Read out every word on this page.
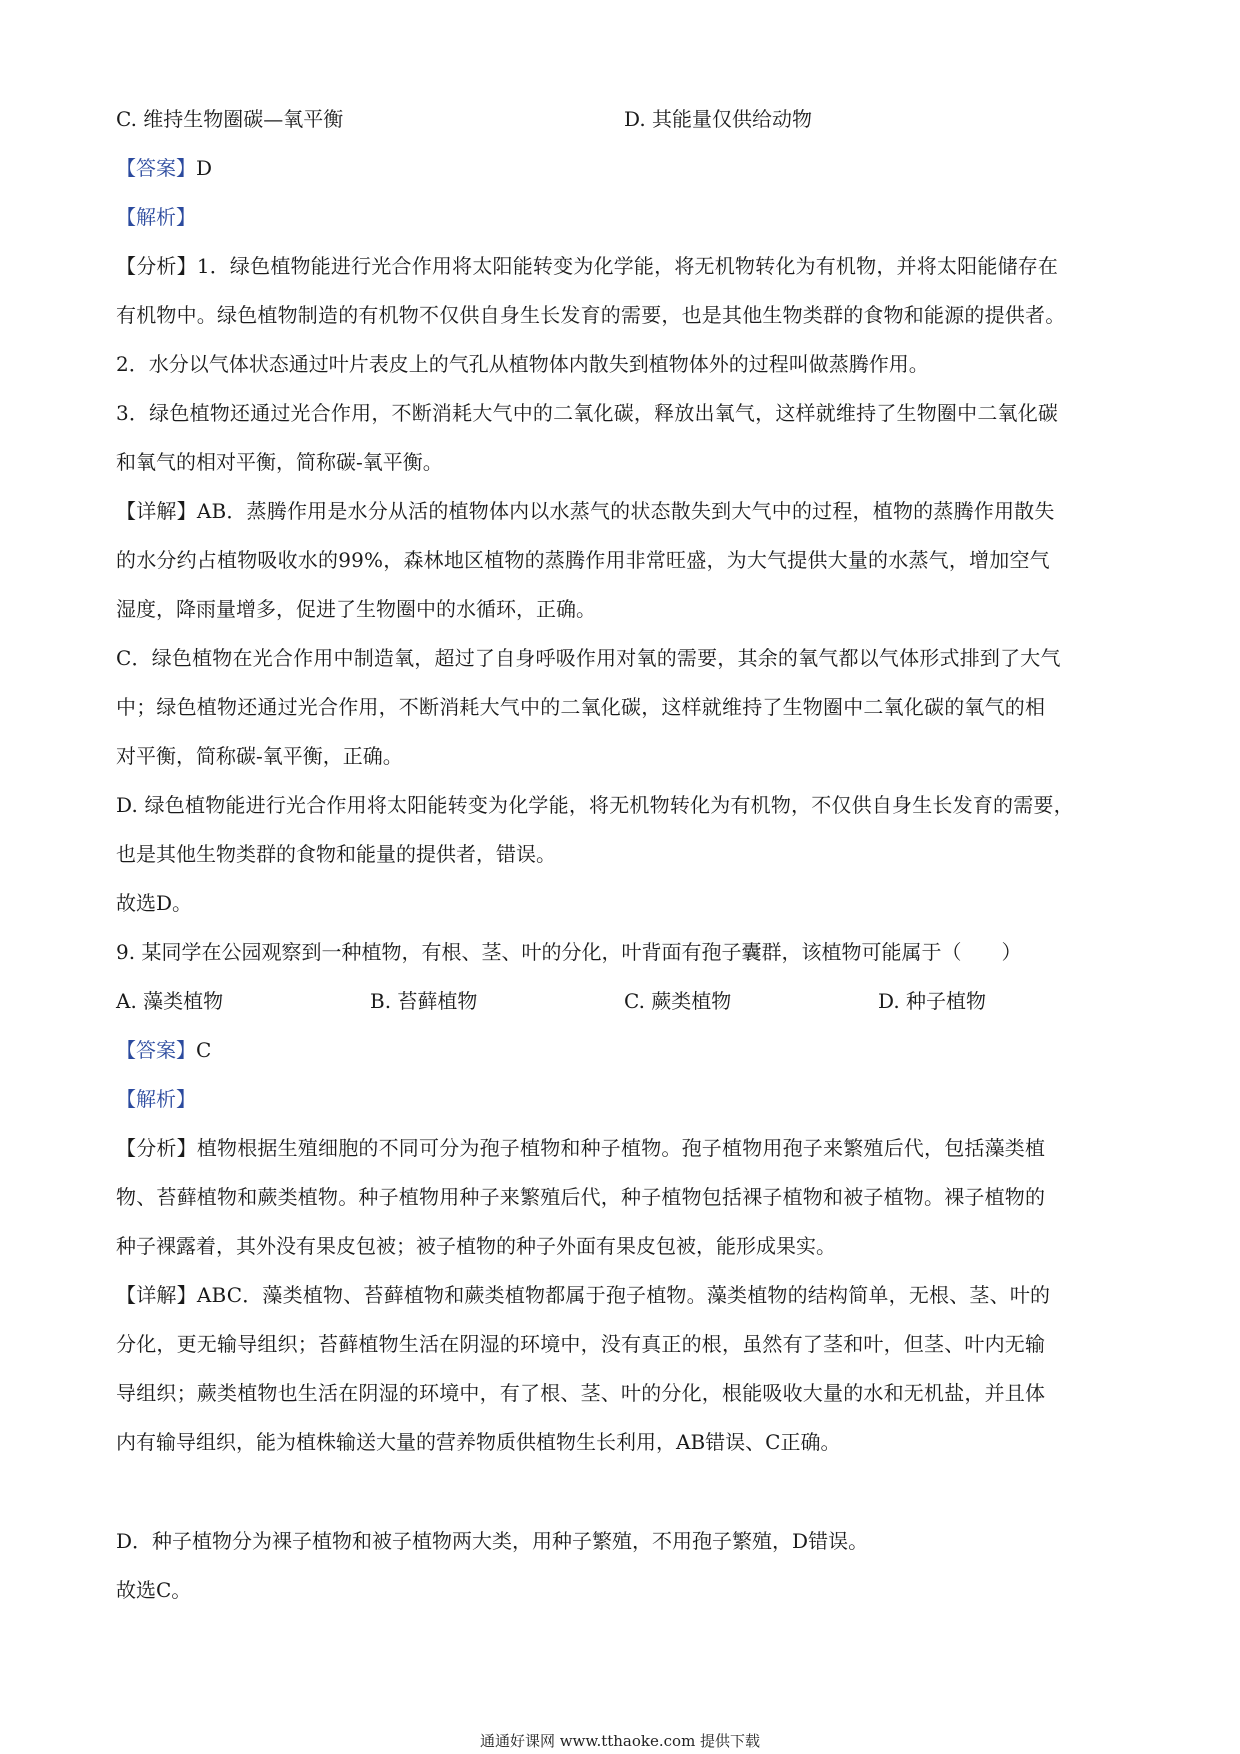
C. 维持生物圈碳—氧平衡	D. 其能量仅供给动物
【答案】D
【解析】
【分析】1．绿色植物能进行光合作用将太阳能转变为化学能，将无机物转化为有机物，并将太阳能储存在
有机物中。绿色植物制造的有机物不仅供自身生长发育的需要，也是其他生物类群的食物和能源的提供者。
2．水分以气体状态通过叶片表皮上的气孔从植物体内散失到植物体外的过程叫做蒸腾作用。
3．绿色植物还通过光合作用，不断消耗大气中的二氧化碳，释放出氧气，这样就维持了生物圈中二氧化碳
和氧气的相对平衡，简称碳-氧平衡。
【详解】AB．蒸腾作用是水分从活的植物体内以水蒸气的状态散失到大气中的过程，植物的蒸腾作用散失
的水分约占植物吸收水的99%，森林地区植物的蒸腾作用非常旺盛，为大气提供大量的水蒸气，增加空气
湿度，降雨量增多，促进了生物圈中的水循环，正确。
C．绿色植物在光合作用中制造氧，超过了自身呼吸作用对氧的需要，其余的氧气都以气体形式排到了大气
中；绿色植物还通过光合作用，不断消耗大气中的二氧化碳，这样就维持了生物圈中二氧化碳的氧气的相
对平衡，简称碳-氧平衡，正确。
D. 绿色植物能进行光合作用将太阳能转变为化学能，将无机物转化为有机物，不仅供自身生长发育的需要，
也是其他生物类群的食物和能量的提供者，错误。
故选D。
9. 某同学在公园观察到一种植物，有根、茎、叶的分化，叶背面有孢子囊群，该植物可能属于（　　）
A. 藻类植物	B. 苔藓植物	C. 蕨类植物	D. 种子植物
【答案】C
【解析】
【分析】植物根据生殖细胞的不同可分为孢子植物和种子植物。孢子植物用孢子来繁殖后代，包括藻类植
物、苔藓植物和蕨类植物。种子植物用种子来繁殖后代，种子植物包括裸子植物和被子植物。裸子植物的
种子裸露着，其外没有果皮包被；被子植物的种子外面有果皮包被，能形成果实。
【详解】ABC．藻类植物、苔藓植物和蕨类植物都属于孢子植物。藻类植物的结构简单，无根、茎、叶的
分化，更无输导组织；苔藓植物生活在阴湿的环境中，没有真正的根，虽然有了茎和叶，但茎、叶内无输
导组织；蕨类植物也生活在阴湿的环境中，有了根、茎、叶的分化，根能吸收大量的水和无机盐，并且体
内有输导组织，能为植株输送大量的营养物质供植物生长利用，AB错误、C正确。
D．种子植物分为裸子植物和被子植物两大类，用种子繁殖，不用孢子繁殖，D错误。
故选C。
通通好课网 www.tthaoke.com 提供下载
